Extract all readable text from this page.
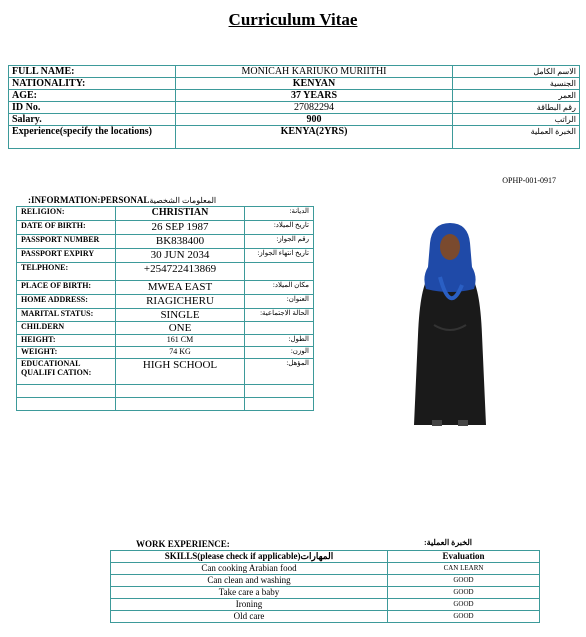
Curriculum Vitae
FULL NAME:	MONICAH KARIUKO MURIITHI	الاسم الكامل
NATIONALITY:	KENYAN	الجنسية
AGE:	37 YEARS	العمر
ID No.	27082294	رقم البطاقة
Salary.	900	الراتب
Experience(specify the locations)	KENYA(2YRS)	الخبرة العملية
OPHP-001-0917
:INFORMATION:PERSONALالمعلومات الشخصية
RELIGION:	CHRISTIAN	:الديانة
DATE OF BIRTH:	26 SEP 1987	:تاريخ الميلاد
PASSPORT NUMBER	BK838400	:رقم الجواز
PASSPORT EXPIRY	30 JUN 2034	:تاريخ انتهاء الجواز
TELPHONE:	+254722413869	
PLACE OF BIRTH:	MWEA EAST	:مكان الميلاد
HOME ADDRESS:	RIAGICHERU	:العنوان
MARITAL STATUS:	SINGLE	:الحالة الاجتماعية
CHILDERN	ONE	
HEIGHT:	161 CM	:الطول
WEIGHT:	74 KG	:الوزن
EDUCATIONAL QUALIFI CATION:	HIGH SCHOOL	:المؤهل

WORK EXPERIENCE:	:الخبرة العملية
SKILLS(please check if applicable)المهارات	Evaluation
Can cooking Arabian food	CAN LEARN
Can clean and washing	GOOD
Take care a baby	GOOD
Ironing	GOOD
Old care	GOOD
